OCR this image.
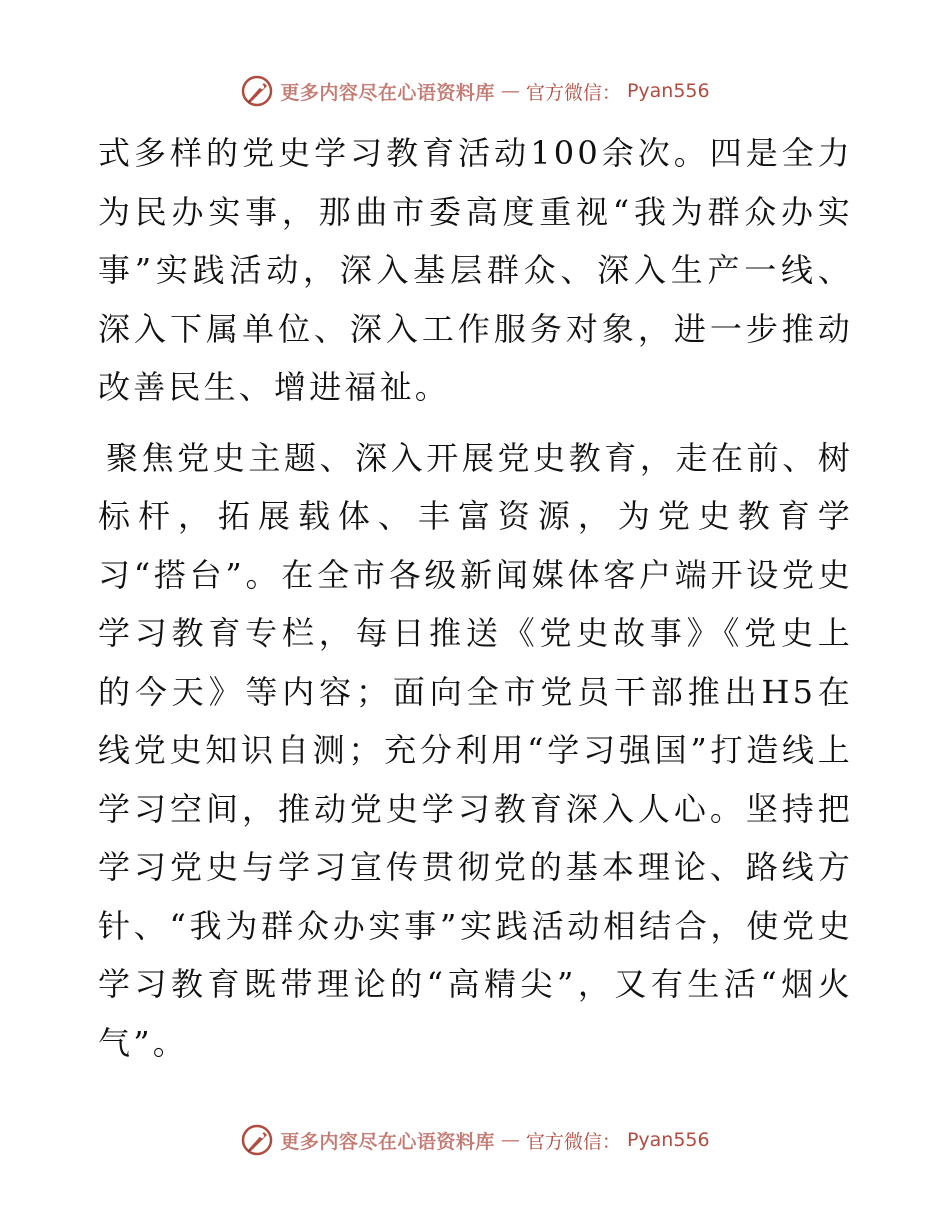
更多内容尽在心语资料库 — 官方微信： Pyan556

式多样的党史学习教育活动100余次。四是全力为民办实事，那曲市委高度重视“我为群众办实事”实践活动，深入基层群众、深入生产一线、深入下属单位、深入工作服务对象，进一步推动改善民生、增进福祉。

聚焦党史主题、深入开展党史教育，走在前、树标杆，拓展载体、丰富资源，为党史教育学习“搭台”。在全市各级新闻媒体客户端开设党史学习教育专栏，每日推送《党史故事》《党史上的今天》等内容；面向全市党员干部推出H5在线党史知识自测；充分利用“学习强国”打造线上学习空间，推动党史学习教育深入人心。坚持把学习党史与学习宣传贯彻党的基本理论、路线方针、“我为群众办实事”实践活动相结合，使党史学习教育既带理论的“高精尖”，又有生活“烟火气”。

更多内容尽在心语资料库 — 官方微信： Pyan556
